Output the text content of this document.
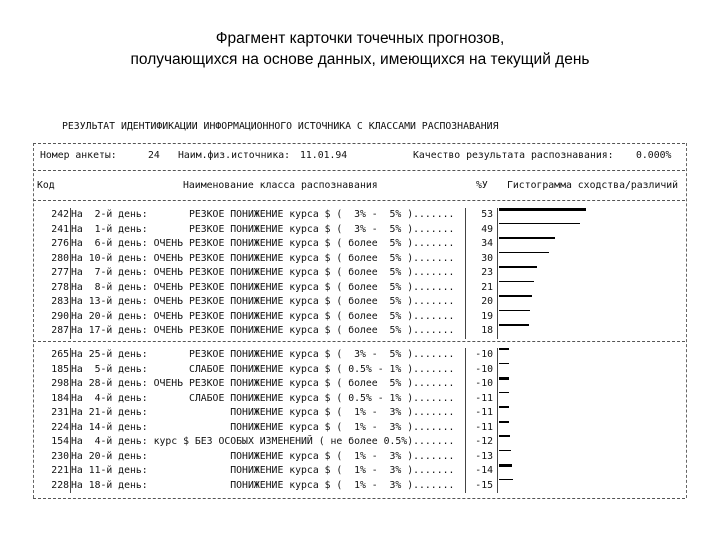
Фрагмент карточки точечных прогнозов,
получающихся на основе данных, имеющихся на текущий день
РЕЗУЛЬТАТ ИДЕНТИФИКАЦИИ ИНФОРМАЦИОННОГО ИСТОЧНИКА С КЛАССАМИ РАСПОЗНАВАНИЯ
Номер анкеты:	24 Наим.физ.источника: 11.01.94	Качество результата распознавания: 0.000%

Код	Наименование класса распознавания	%У Гистограмма сходства/различий

242 На  2-й день:       РЕЗКОЕ ПОНИЖЕНИЕ курса $ (  3% -  5% ).......	53
241 На  1-й день:       РЕЗКОЕ ПОНИЖЕНИЕ курса $ (  3% -  5% ).......	49
276 На  6-й день: ОЧЕНЬ РЕЗКОЕ ПОНИЖЕНИЕ курса $ ( более  5% ).......	34
280 На 10-й день: ОЧЕНЬ РЕЗКОЕ ПОНИЖЕНИЕ курса $ ( более  5% ).......	30
277 На  7-й день: ОЧЕНЬ РЕЗКОЕ ПОНИЖЕНИЕ курса $ ( более  5% ).......	23
278 На  8-й день: ОЧЕНЬ РЕЗКОЕ ПОНИЖЕНИЕ курса $ ( более  5% ).......	21
283 На 13-й день: ОЧЕНЬ РЕЗКОЕ ПОНИЖЕНИЕ курса $ ( более  5% ).......	20
290 На 20-й день: ОЧЕНЬ РЕЗКОЕ ПОНИЖЕНИЕ курса $ ( более  5% ).......	19
287 На 17-й день: ОЧЕНЬ РЕЗКОЕ ПОНИЖЕНИЕ курса $ ( более  5% ).......	18
265 На 25-й день:       РЕЗКОЕ ПОНИЖЕНИЕ курса $ (  3% -  5% ).......	-10
185 На  5-й день:       СЛАБОЕ ПОНИЖЕНИЕ курса $ ( 0.5% - 1% ).......	-10
298 На 28-й день: ОЧЕНЬ РЕЗКОЕ ПОНИЖЕНИЕ курса $ ( более  5% ).......	-10
184 На  4-й день:       СЛАБОЕ ПОНИЖЕНИЕ курса $ ( 0.5% - 1% ).......	-11
231 На 21-й день:              ПОНИЖЕНИЕ курса $ (  1% -  3% ).......	-11
224 На 14-й день:              ПОНИЖЕНИЕ курса $ (  1% -  3% ).......	-11
154 На  4-й день: курс $ БЕЗ ОСОБЫХ ИЗМЕНЕНИЙ ( не более 0.5%).......	-12
230 На 20-й день:              ПОНИЖЕНИЕ курса $ (  1% -  3% ).......	-13
221 На 11-й день:              ПОНИЖЕНИЕ курса $ (  1% -  3% ).......	-14
228 На 18-й день:              ПОНИЖЕНИЕ курса $ (  1% -  3% ).......	-15
